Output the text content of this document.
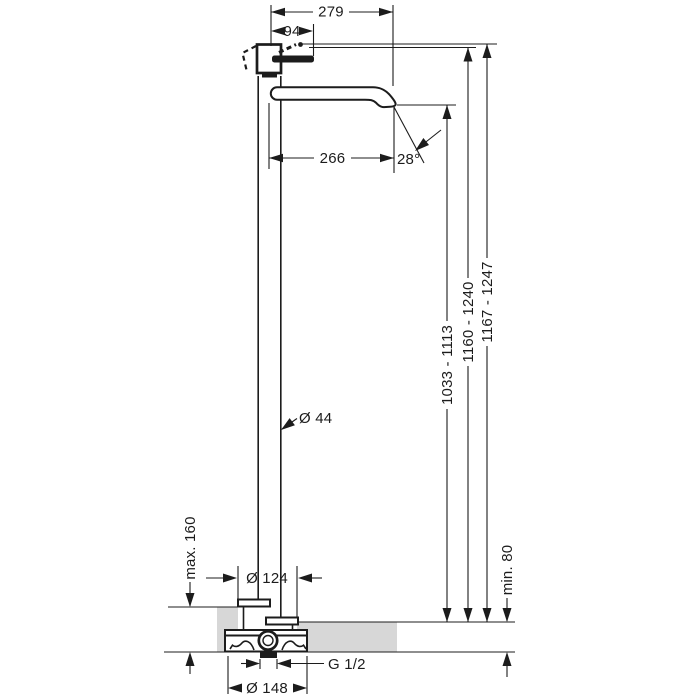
279
94
266	28°
Ø 44
1033 - 1113
1160 - 1240 1167 - 1247
max. 160	min. 80
Ø 124
G 1/2
Ø 148
